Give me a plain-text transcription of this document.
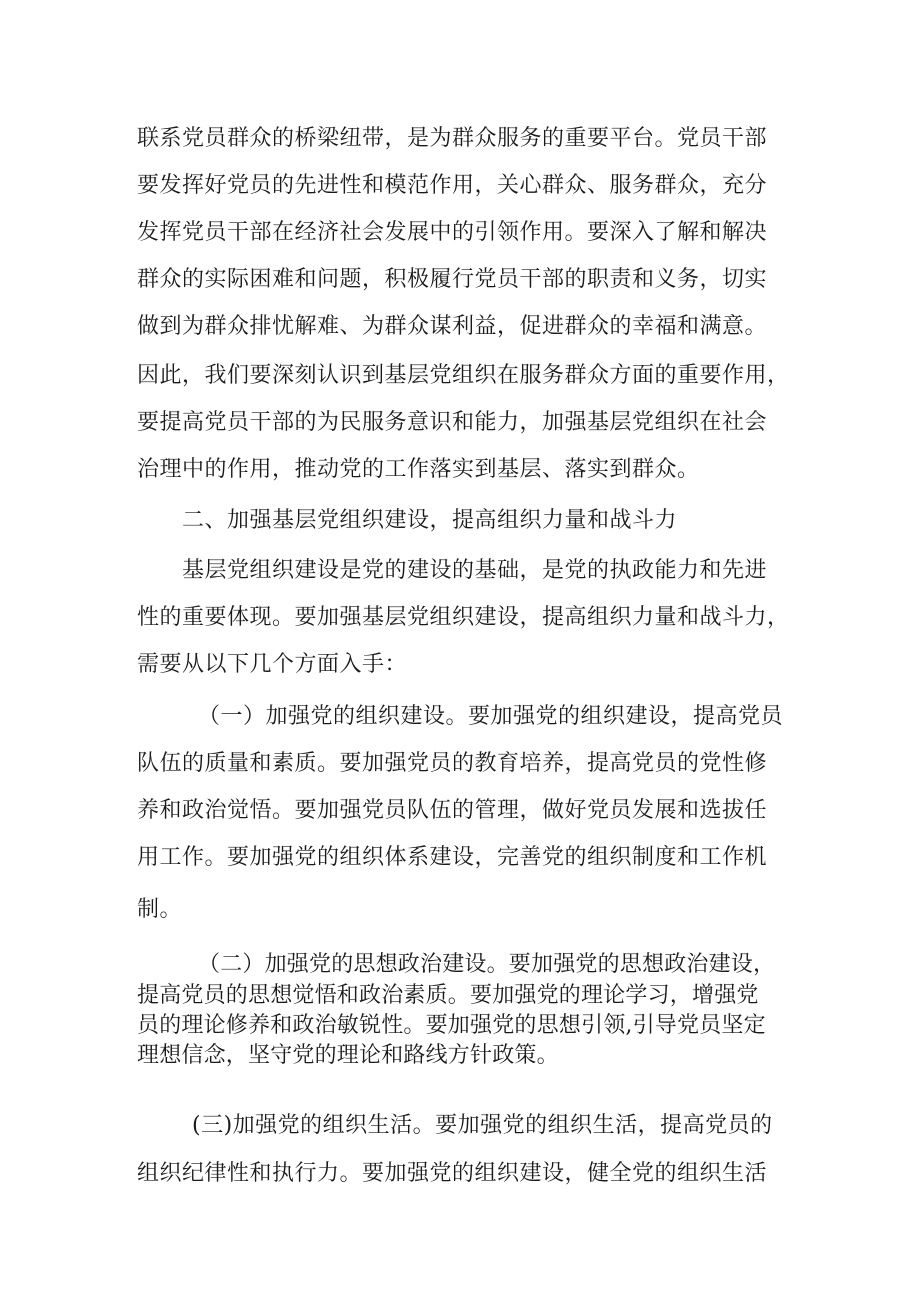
联系党员群众的桥梁纽带，是为群众服务的重要平台。党员干部
要发挥好党员的先进性和模范作用，关心群众、服务群众，充分
发挥党员干部在经济社会发展中的引领作用。要深入了解和解决
群众的实际困难和问题，积极履行党员干部的职责和义务，切实
做到为群众排忧解难、为群众谋利益，促进群众的幸福和满意。
因此，我们要深刻认识到基层党组织在服务群众方面的重要作用，
要提高党员干部的为民服务意识和能力，加强基层党组织在社会
治理中的作用，推动党的工作落实到基层、落实到群众。
二、加强基层党组织建设，提高组织力量和战斗力
基层党组织建设是党的建设的基础，是党的执政能力和先进
性的重要体现。要加强基层党组织建设，提高组织力量和战斗力，
需要从以下几个方面入手：
（一）加强党的组织建设。要加强党的组织建设，提高党员
队伍的质量和素质。要加强党员的教育培养，提高党员的党性修
养和政治觉悟。要加强党员队伍的管理，做好党员发展和选拔任
用工作。要加强党的组织体系建设，完善党的组织制度和工作机
制。
（二）加强党的思想政治建设。要加强党的思想政治建设，
提高党员的思想觉悟和政治素质。要加强党的理论学习，增强党
员的理论修养和政治敏锐性。要加强党的思想引领,引导党员坚定
理想信念，坚守党的理论和路线方针政策。
(三)加强党的组织生活。要加强党的组织生活，提高党员的
组织纪律性和执行力。要加强党的组织建设，健全党的组织生活
